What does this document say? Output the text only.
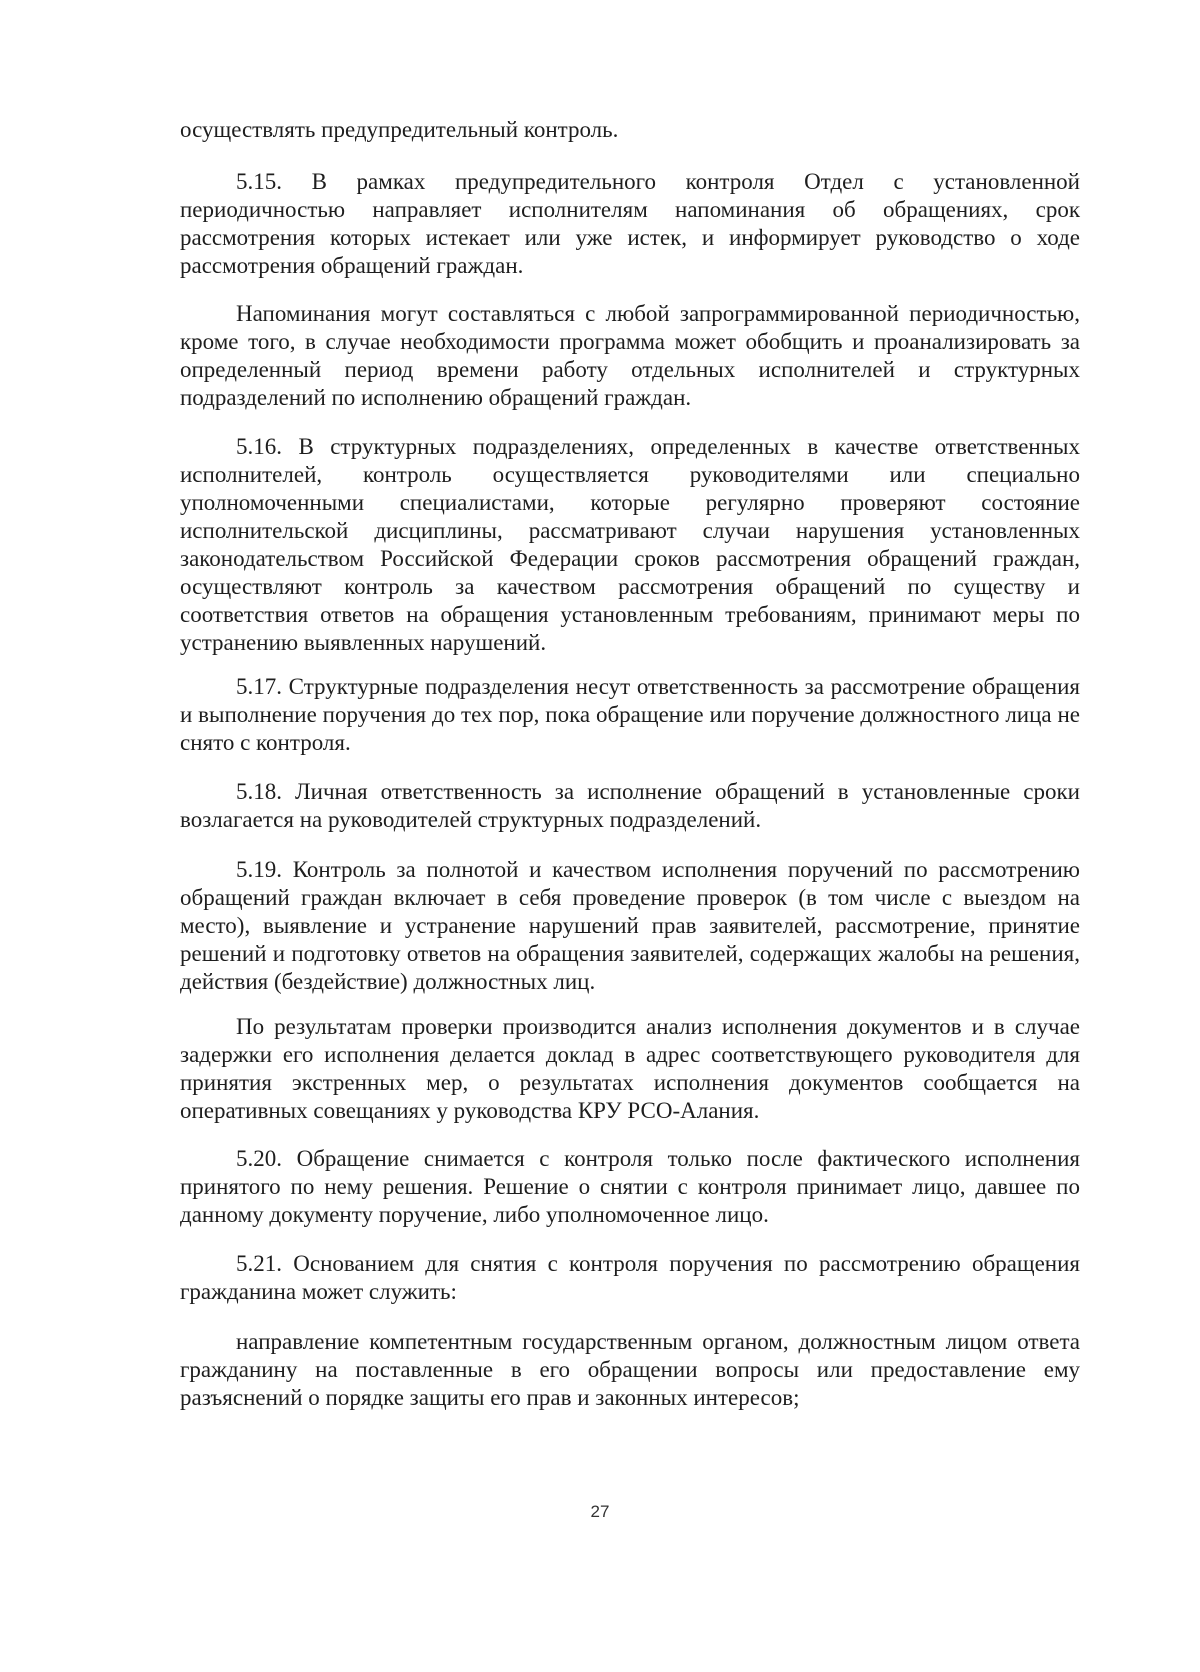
осуществлять предупредительный контроль.

5.15. В рамках предупредительного контроля Отдел с установленной периодичностью направляет исполнителям напоминания об обращениях, срок рассмотрения которых истекает или уже истек, и информирует руководство о ходе рассмотрения обращений граждан.

Напоминания могут составляться с любой запрограммированной периодичностью, кроме того, в случае необходимости программа может обобщить и проанализировать за определенный период времени работу отдельных исполнителей и структурных подразделений по исполнению обращений граждан.

5.16. В структурных подразделениях, определенных в качестве ответственных исполнителей, контроль осуществляется руководителями или специально уполномоченными специалистами, которые регулярно проверяют состояние исполнительской дисциплины, рассматривают случаи нарушения установленных законодательством Российской Федерации сроков рассмотрения обращений граждан, осуществляют контроль за качеством рассмотрения обращений по существу и соответствия ответов на обращения установленным требованиям, принимают меры по устранению выявленных нарушений.

5.17. Структурные подразделения несут ответственность за рассмотрение обращения и выполнение поручения до тех пор, пока обращение или поручение должностного лица не снято с контроля.

5.18. Личная ответственность за исполнение обращений в установленные сроки возлагается на руководителей структурных подразделений.

5.19. Контроль за полнотой и качеством исполнения поручений по рассмотрению обращений граждан включает в себя проведение проверок (в том числе с выездом на место), выявление и устранение нарушений прав заявителей, рассмотрение, принятие решений и подготовку ответов на обращения заявителей, содержащих жалобы на решения, действия (бездействие) должностных лиц.

По результатам проверки производится анализ исполнения документов и в случае задержки его исполнения делается доклад в адрес соответствующего руководителя для принятия экстренных мер, о результатах исполнения документов сообщается на оперативных совещаниях у руководства КРУ РСО-Алания.

5.20. Обращение снимается с контроля только после фактического исполнения принятого по нему решения. Решение о снятии с контроля принимает лицо, давшее по данному документу поручение, либо уполномоченное лицо.

5.21. Основанием для снятия с контроля поручения по рассмотрению обращения гражданина может служить:

направление компетентным государственным органом, должностным лицом ответа гражданину на поставленные в его обращении вопросы или предоставление ему разъяснений о порядке защиты его прав и законных интересов;

27
